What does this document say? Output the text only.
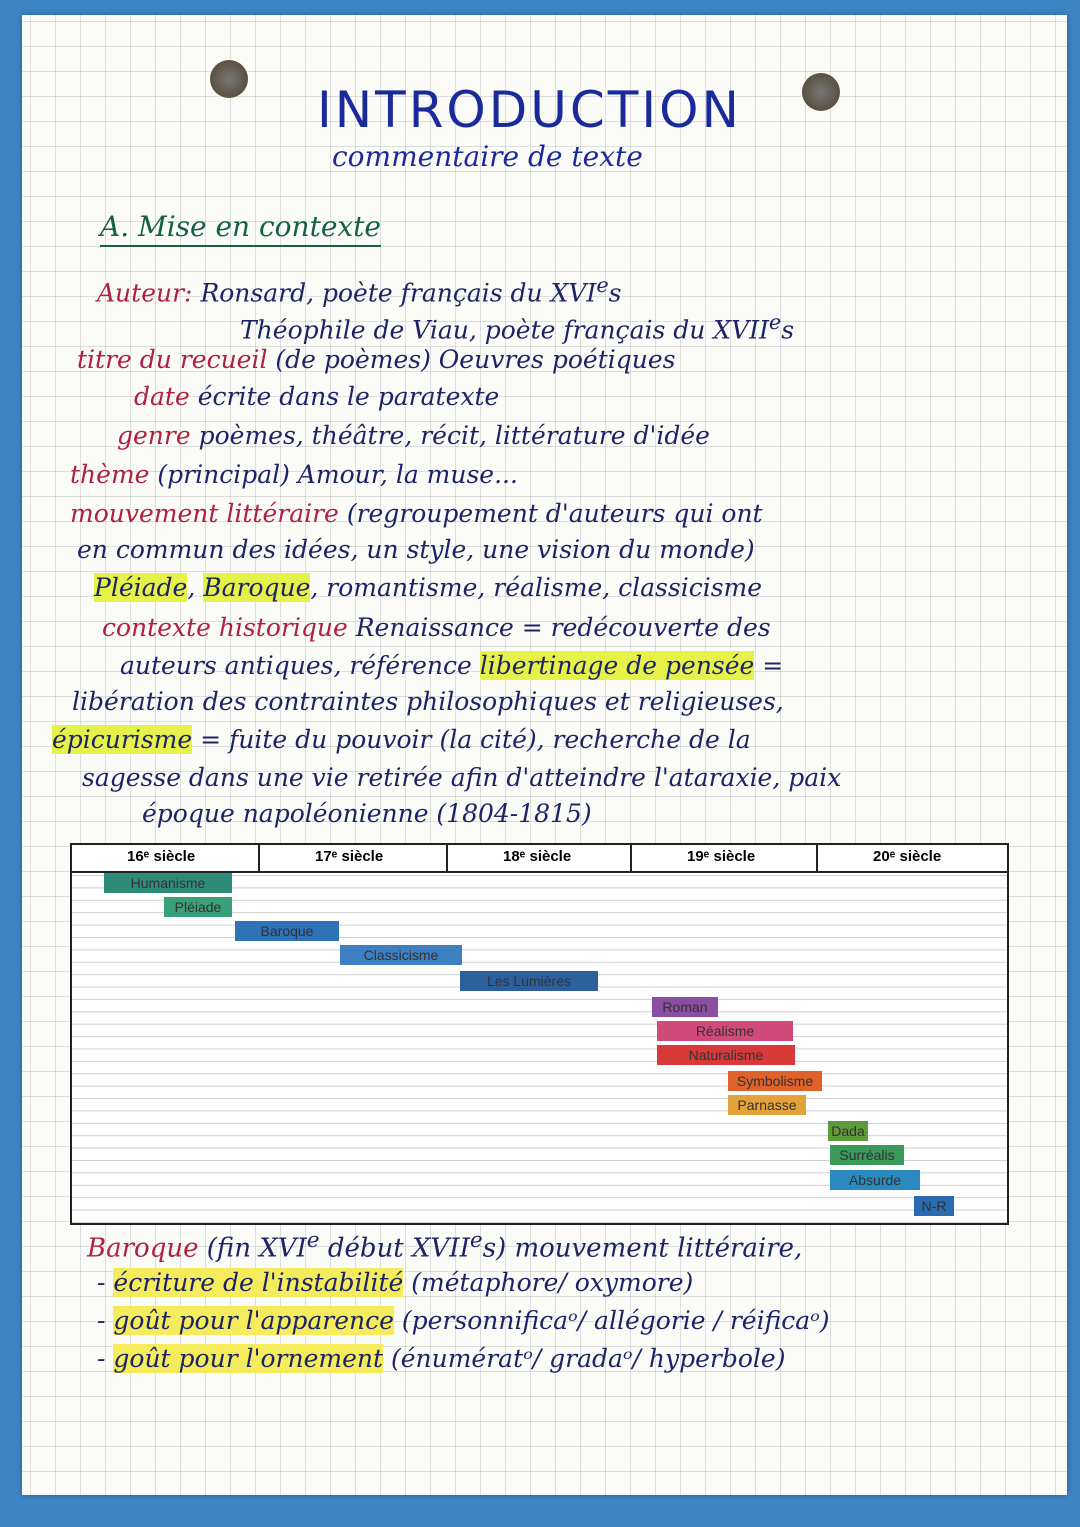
INTRODUCTION
commentaire de texte
A. Mise en contexte
Auteur: Ronsard, poète français du XVIes
Théophile de Viau, poète français du XVIIes
titre du recueil (de poèmes) Oeuvres poétiques
date écrite dans le paratexte
genre poèmes, théâtre, récit, littérature d'idée
thème (principal) Amour, la muse...
mouvement littéraire (regroupement d'auteurs qui ont
en commun des idées, un style, une vision du monde)
Pléiade, Baroque, romantisme, réalisme, classicisme
contexte historique Renaissance = redécouverte des
auteurs antiques, référence libertinage de pensée =
libération des contraintes philosophiques et religieuses,
épicurisme = fuite du pouvoir (la cité), recherche de la
sagesse dans une vie retirée afin d'atteindre l'ataraxie, paix
époque napoléonienne (1804-1815)
Baroque (fin XVIe début XVIIes) mouvement littéraire,
- écriture de l'instabilité (métaphore/ oxymore)
- goût pour l'apparence (personnificaᵒ/ allégorie / réificaᵒ)
- goût pour l'ornement (énumératᵒ/ gradaᵒ/ hyperbole)
16ᵉ siècle	17ᵉ siècle	18ᵉ siècle	19ᵉ siècle	20ᵉ siècle
Humanisme
Pléiade
Baroque
Classicisme
Les Lumières
Roman
Réalisme
Naturalisme
Symbolisme
Parnasse
Dada
Surréalis
Absurde
N-R
